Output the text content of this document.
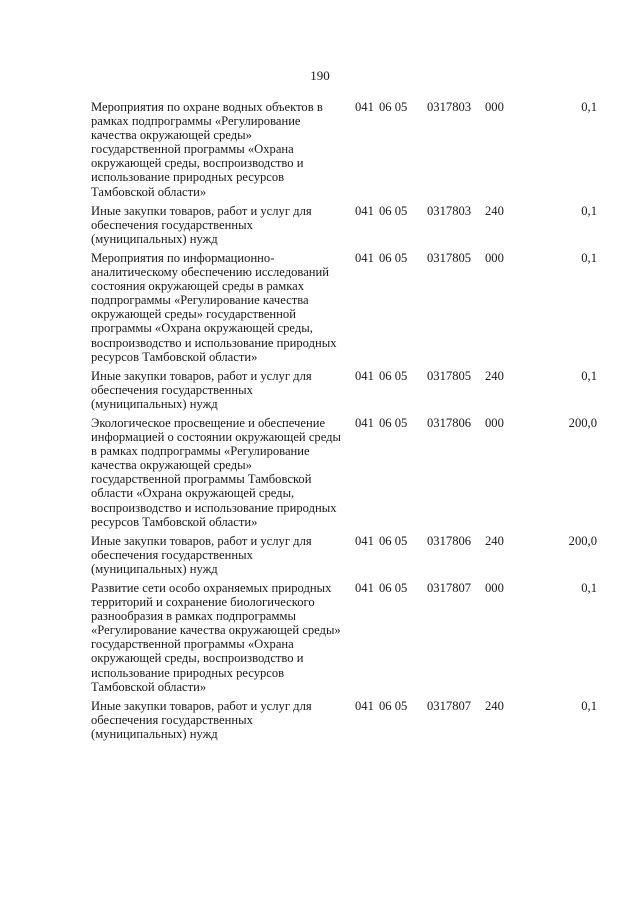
190
Мероприятия по охране водных объектов в рамках подпрограммы «Регулирование качества окружающей среды» государственной программы «Охрана окружающей среды, воспроизводство и использование природных ресурсов Тамбовской области»	041	06 05	0317803	000	0,1
Иные закупки товаров, работ и услуг для обеспечения государственных (муниципальных) нужд	041	06 05	0317803	240	0,1
Мероприятия по информационно-аналитическому обеспечению исследований состояния окружающей среды в рамках подпрограммы «Регулирование качества окружающей среды» государственной программы «Охрана окружающей среды, воспроизводство и использование природных ресурсов Тамбовской области»	041	06 05	0317805	000	0,1
Иные закупки товаров, работ и услуг для обеспечения государственных (муниципальных) нужд	041	06 05	0317805	240	0,1
Экологическое просвещение и обеспечение информацией о состоянии окружающей среды в рамках подпрограммы «Регулирование качества окружающей среды» государственной программы Тамбовской области «Охрана окружающей среды, воспроизводство и использование природных ресурсов Тамбовской области»	041	06 05	0317806	000	200,0
Иные закупки товаров, работ и услуг для обеспечения государственных (муниципальных) нужд	041	06 05	0317806	240	200,0
Развитие сети особо охраняемых природных территорий и сохранение биологического разнообразия в рамках подпрограммы «Регулирование качества окружающей среды» государственной программы «Охрана окружающей среды, воспроизводство и использование природных ресурсов Тамбовской области»	041	06 05	0317807	000	0,1
Иные закупки товаров, работ и услуг для обеспечения государственных (муниципальных) нужд	041	06 05	0317807	240	0,1
